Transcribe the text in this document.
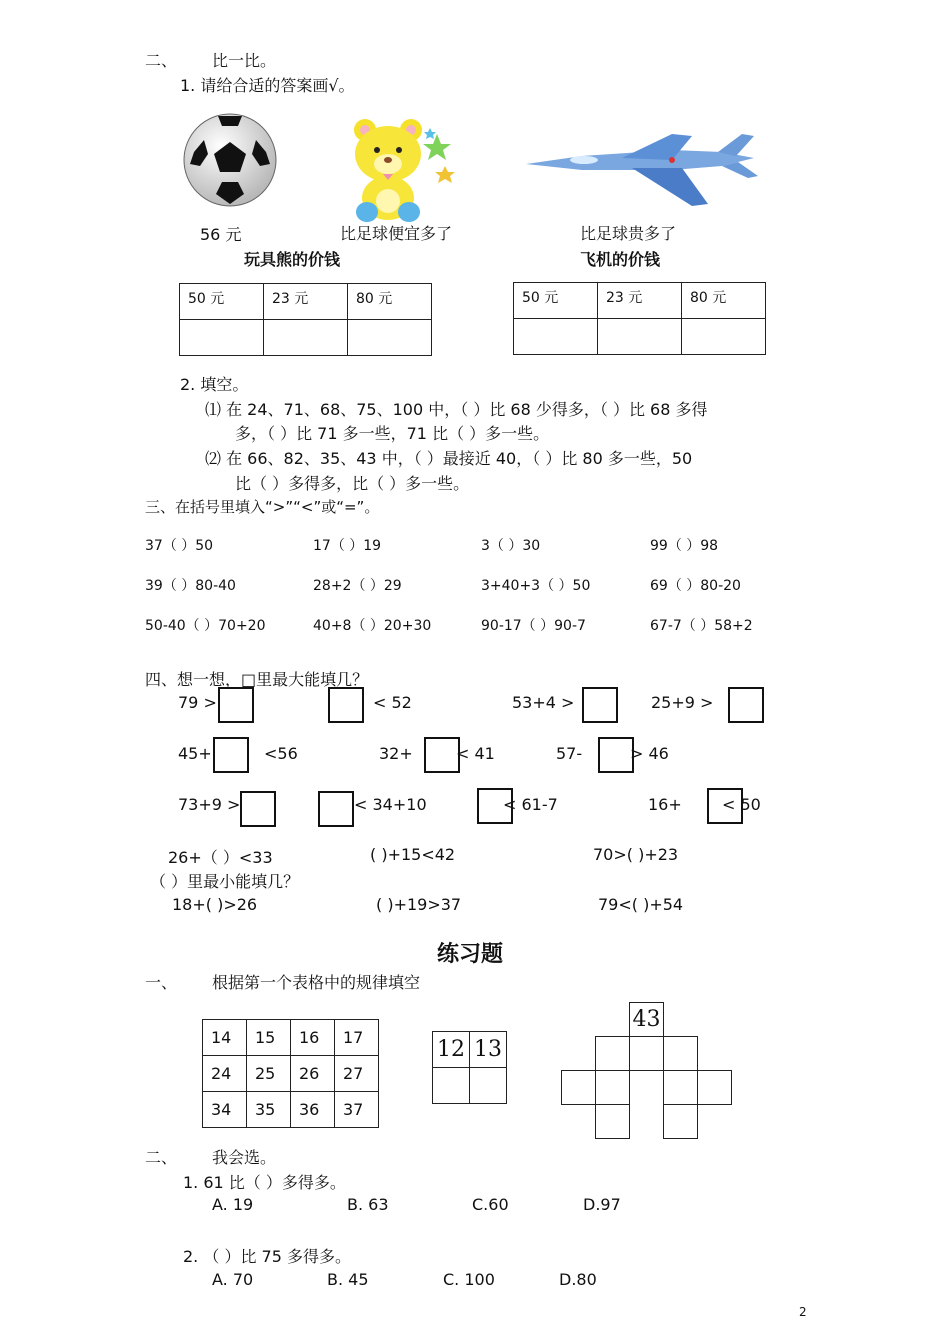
二、 比一比。
1. 请给合适的答案画√。
56 元	比足球便宜多了	比足球贵多了
玩具熊的价钱	飞机的价钱
50 元	23 元	80 元
			50 元	23 元	80 元

2. 填空。
⑴ 在 24、71、68、75、100 中，（ ）比 68 少得多，（ ）比 68 多得
多，（ ）比 71 多一些，71 比（ ）多一些。
⑵ 在 66、82、35、43 中，（ ）最接近 40，（ ）比 80 多一些，50
比（ ）多得多，比（ ）多一些。
三、在括号里填入“>”“<”或“=”。
37（ ）50	17（ ）19	3（ ）30	99（ ）98
39（ ）80-40	28+2（ ）29	3+40+3（ ）50	69（ ）80-20
50-40（ ）70+20	40+8（ ）20+30	90-17（ ）90-7	67-7（ ）58+2
四、想一想，□里最大能填几？
79 >	< 52	53+4 >	25+9 >
45+	<56	32+	< 41	57-	> 46
73+9 >	< 34+10	< 61-7	16+	< 50
26+（ ）<33	( )+15<42	70>( )+23
（ ）里最小能填几？
18+( )>26	( )+19>37	79<( )+54
练习题
一、 根据第一个表格中的规律填空
14	15	16	17
24	25	26	27
34	35	36	37
12 13
43
二、 我会选。
1. 61 比（ ）多得多。
A. 19	B. 63	C.60	D.97
2. （ ）比 75 多得多。
A. 70	B. 45	C. 100	D.80
2
